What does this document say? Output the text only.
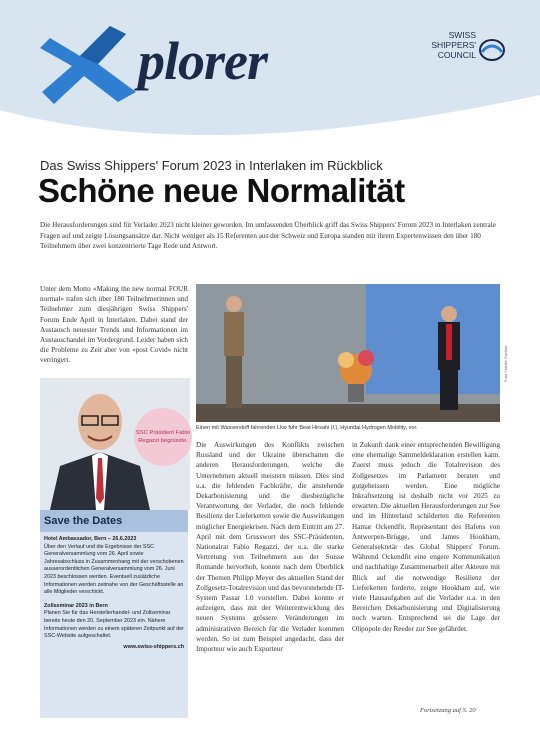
plorer	SWISS SHIPPERS' COUNCIL
Das Swiss Shippers' Forum 2023 in Interlaken im Rückblick
Schöne neue Normalität
Die Herausforderungen sind für Verlader 2023 nicht kleiner geworden. Im umfassenden Überblick griff das Swiss Shippers' Forum 2023 in Interlaken zentrale Fragen auf und zeigte Lösungsansätze dar. Nicht weniger als 15 Referenten aus der Schweiz und Europa standen mit ihrem Expertenwissen den über 180 Teilnehmern über zwei konzentrierte Tage Rede und Antwort.
Unter dem Motto «Making the new normal FOUR normal» trafen sich über 180 Teilnehmerinnen und Teilnehmer zum diesjährigen Swiss Shippers' Forum Ende April in Interlaken. Dabei stand der Austausch neuester Trends und Informationen im Austauschandel im Vordergrund. Leider haben sich die Probleme zu Zeit aber von «post Covid» nicht verringert.	Foto: Hauke Gartner
Einen mit Wasserstoff fahrenden Lkw fuhr Beat Hirsahi (l.), Hyundai Hydrogen Mobility, vor.
SSC Präsident Fabio Regazzi begrüsste.
Save the Dates
Hotel Ambassador, Bern – 26.6.2023
Über den Verlauf und die Ergebnisse der SSC Generalversammlung vom 26. April sowie Jahresabschluss in Zusammenhang mit der verschobenen ausserordentlichen Generalversammlung vom 26. Juni 2023 beschlossen werden. Eventuell zusätzliche Informationen werden zeitnahe von der Geschäftsstelle an alle Mitglieder verschickt.
Zollseminar 2023 in Bern
Planen Sie für das Herstellerhandel- und Zollseminar bereits heute den 20. September 2023 ein. Nähere Informationen werden zu einem späteren Zeitpunkt auf der SSC-Website aufgeschaltet.
www.swiss-shippers.ch
Die Auswirkungen des Konflikts zwischen Russland und der Ukraine überschatten die anderen Herausforderungen, welche die Unternehmen aktuell meistern müssen. Dies sind u.a. die fehlenden Fachkräfte, die anstehende Dekarbonisierung und die diesbezügliche Verantwortung der Verlader, die noch fehlende Resilienz der Lieferketten sowie die Auswirkungen möglicher Energiekrisen. Nach dem Eintritt am 27. April mit dem Grusswort des SSC-Präsidenten, Nationalrat Fabio Regazzi, der u.a. die starke Vertretung von Teilnehmern aus der Suisse Romande hervorhob, konnte nach dem Überblick der Themen Philipp Meyer des aktuellen Stand der Zollgesetz-Totalrevision und das bevorstehende IT-System Passar 1.0 vorstellen. Dabei konnte er aufzeigen, dass mit der Weiterentwicklung des neuen Systems grössere Veränderungen im administrativen Bereich für die Verlader kommen werden. So ist zum Beispiel angedacht, dass der Importeur wie auch Exporteur
in Zukunft dank einer entsprechenden Bewilligung eine ehemalige Sammeldeklaration erstellen kann. Zuerst muss jedoch die Totalrevision des Zollgesetzes im Parlament beraten und gutgeheissen werden. Eine mögliche Inkraftsetzung ist deshalb nicht vor 2025 zu erwarten. Die aktuellen Herausforderungen zur See und im Hinterland schilderten die Referenten Hamar Ockendfit, Repräsentant des Hafens von Antwerpen-Brügge, und James Hookham, Generalsekretär des Global Shippers' Forum. Während Ockendfit eine engere Kommunikation und nachhaltige Zusammenarbeit aller Akteure mit Blick auf die notwendige Resilienz der Lieferketten forderte, zeigte Hookham auf, wie viele Hausaufgaben auf die Verlader u.a. in den Bereichen Dekarbonisierung und Digitalisierung noch warten. Entsprechend sei die Lage der Olipopole der Reeder zur See gefährdet.
Fortsetzung auf S. 20
